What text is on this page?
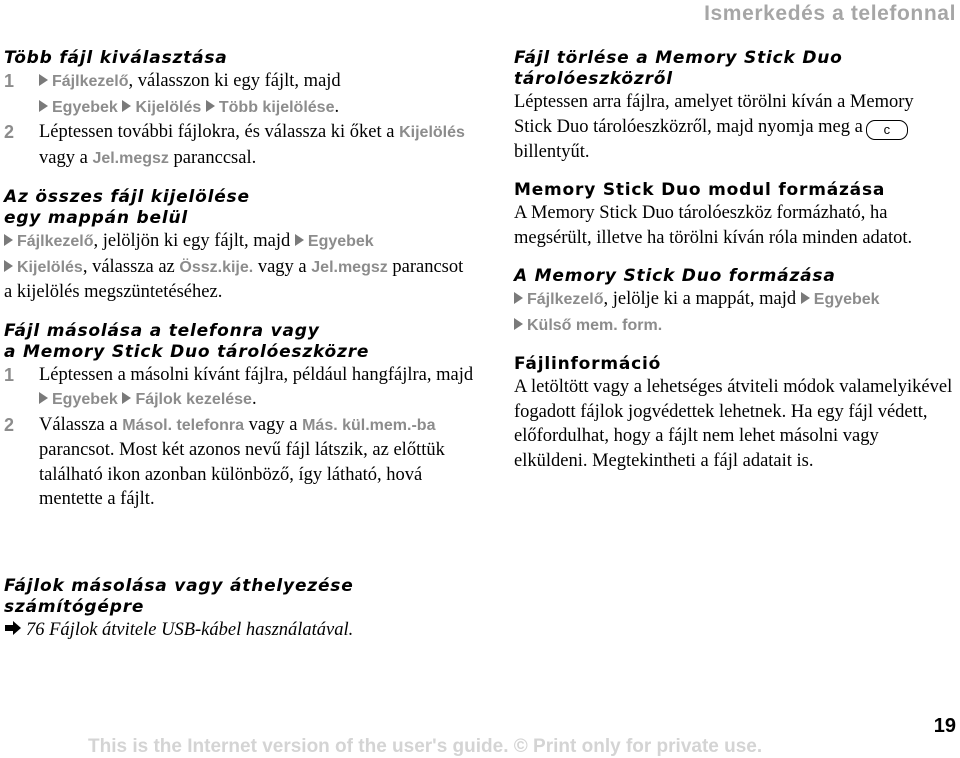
Ismerkedés a telefonnal
Több fájl kiválasztása
1 Fájlkezelő, válasszon ki egy fájlt, majd
Egyebek Kijelölés Több kijelölése.
2 Léptessen további fájlokra, és válassza ki őket a Kijelölés vagy a Jel.megsz paranccsal.
Az összes fájl kijelölése
egy mappán belül
Fájlkezelő, jelöljön ki egy fájlt, majd Egyebek
Kijelölés, válassza az Össz.kije. vagy a Jel.megsz parancsot a kijelölés megszüntetéséhez.
Fájl másolása a telefonra vagy
a Memory Stick Duo tárolóeszközre
1 Léptessen a másolni kívánt fájlra, például hangfájlra, majd Egyebek Fájlok kezelése.
2 Válassza a Másol. telefonra vagy a Más. kül.mem.-ba parancsot. Most két azonos nevű fájl látszik, az előttük található ikon azonban különböző, így látható, hová mentette a fájlt.
Fájlok másolása vagy áthelyezése
számítógépre
76 Fájlok átvitele USB-kábel használatával.
Fájl törlése a Memory Stick Duo
tárolóeszközről
Léptessen arra fájlra, amelyet törölni kíván a Memory Stick Duo tárolóeszközről, majd nyomja meg a cbillentyűt.
Memory Stick Duo modul formázása
A Memory Stick Duo tárolóeszköz formázható, ha megsérült, illetve ha törölni kíván róla minden adatot.
A Memory Stick Duo formázása
Fájlkezelő, jelölje ki a mappát, majd Egyebek
Külső mem. form.
Fájlinformáció
A letöltött vagy a lehetséges átviteli módok valamelyikével fogadott fájlok jogvédettek lehetnek. Ha egy fájl védett, előfordulhat, hogy a fájlt nem lehet másolni vagy elküldeni. Megtekintheti a fájl adatait is.
This is the Internet version of the user's guide. © Print only for private use.
19
